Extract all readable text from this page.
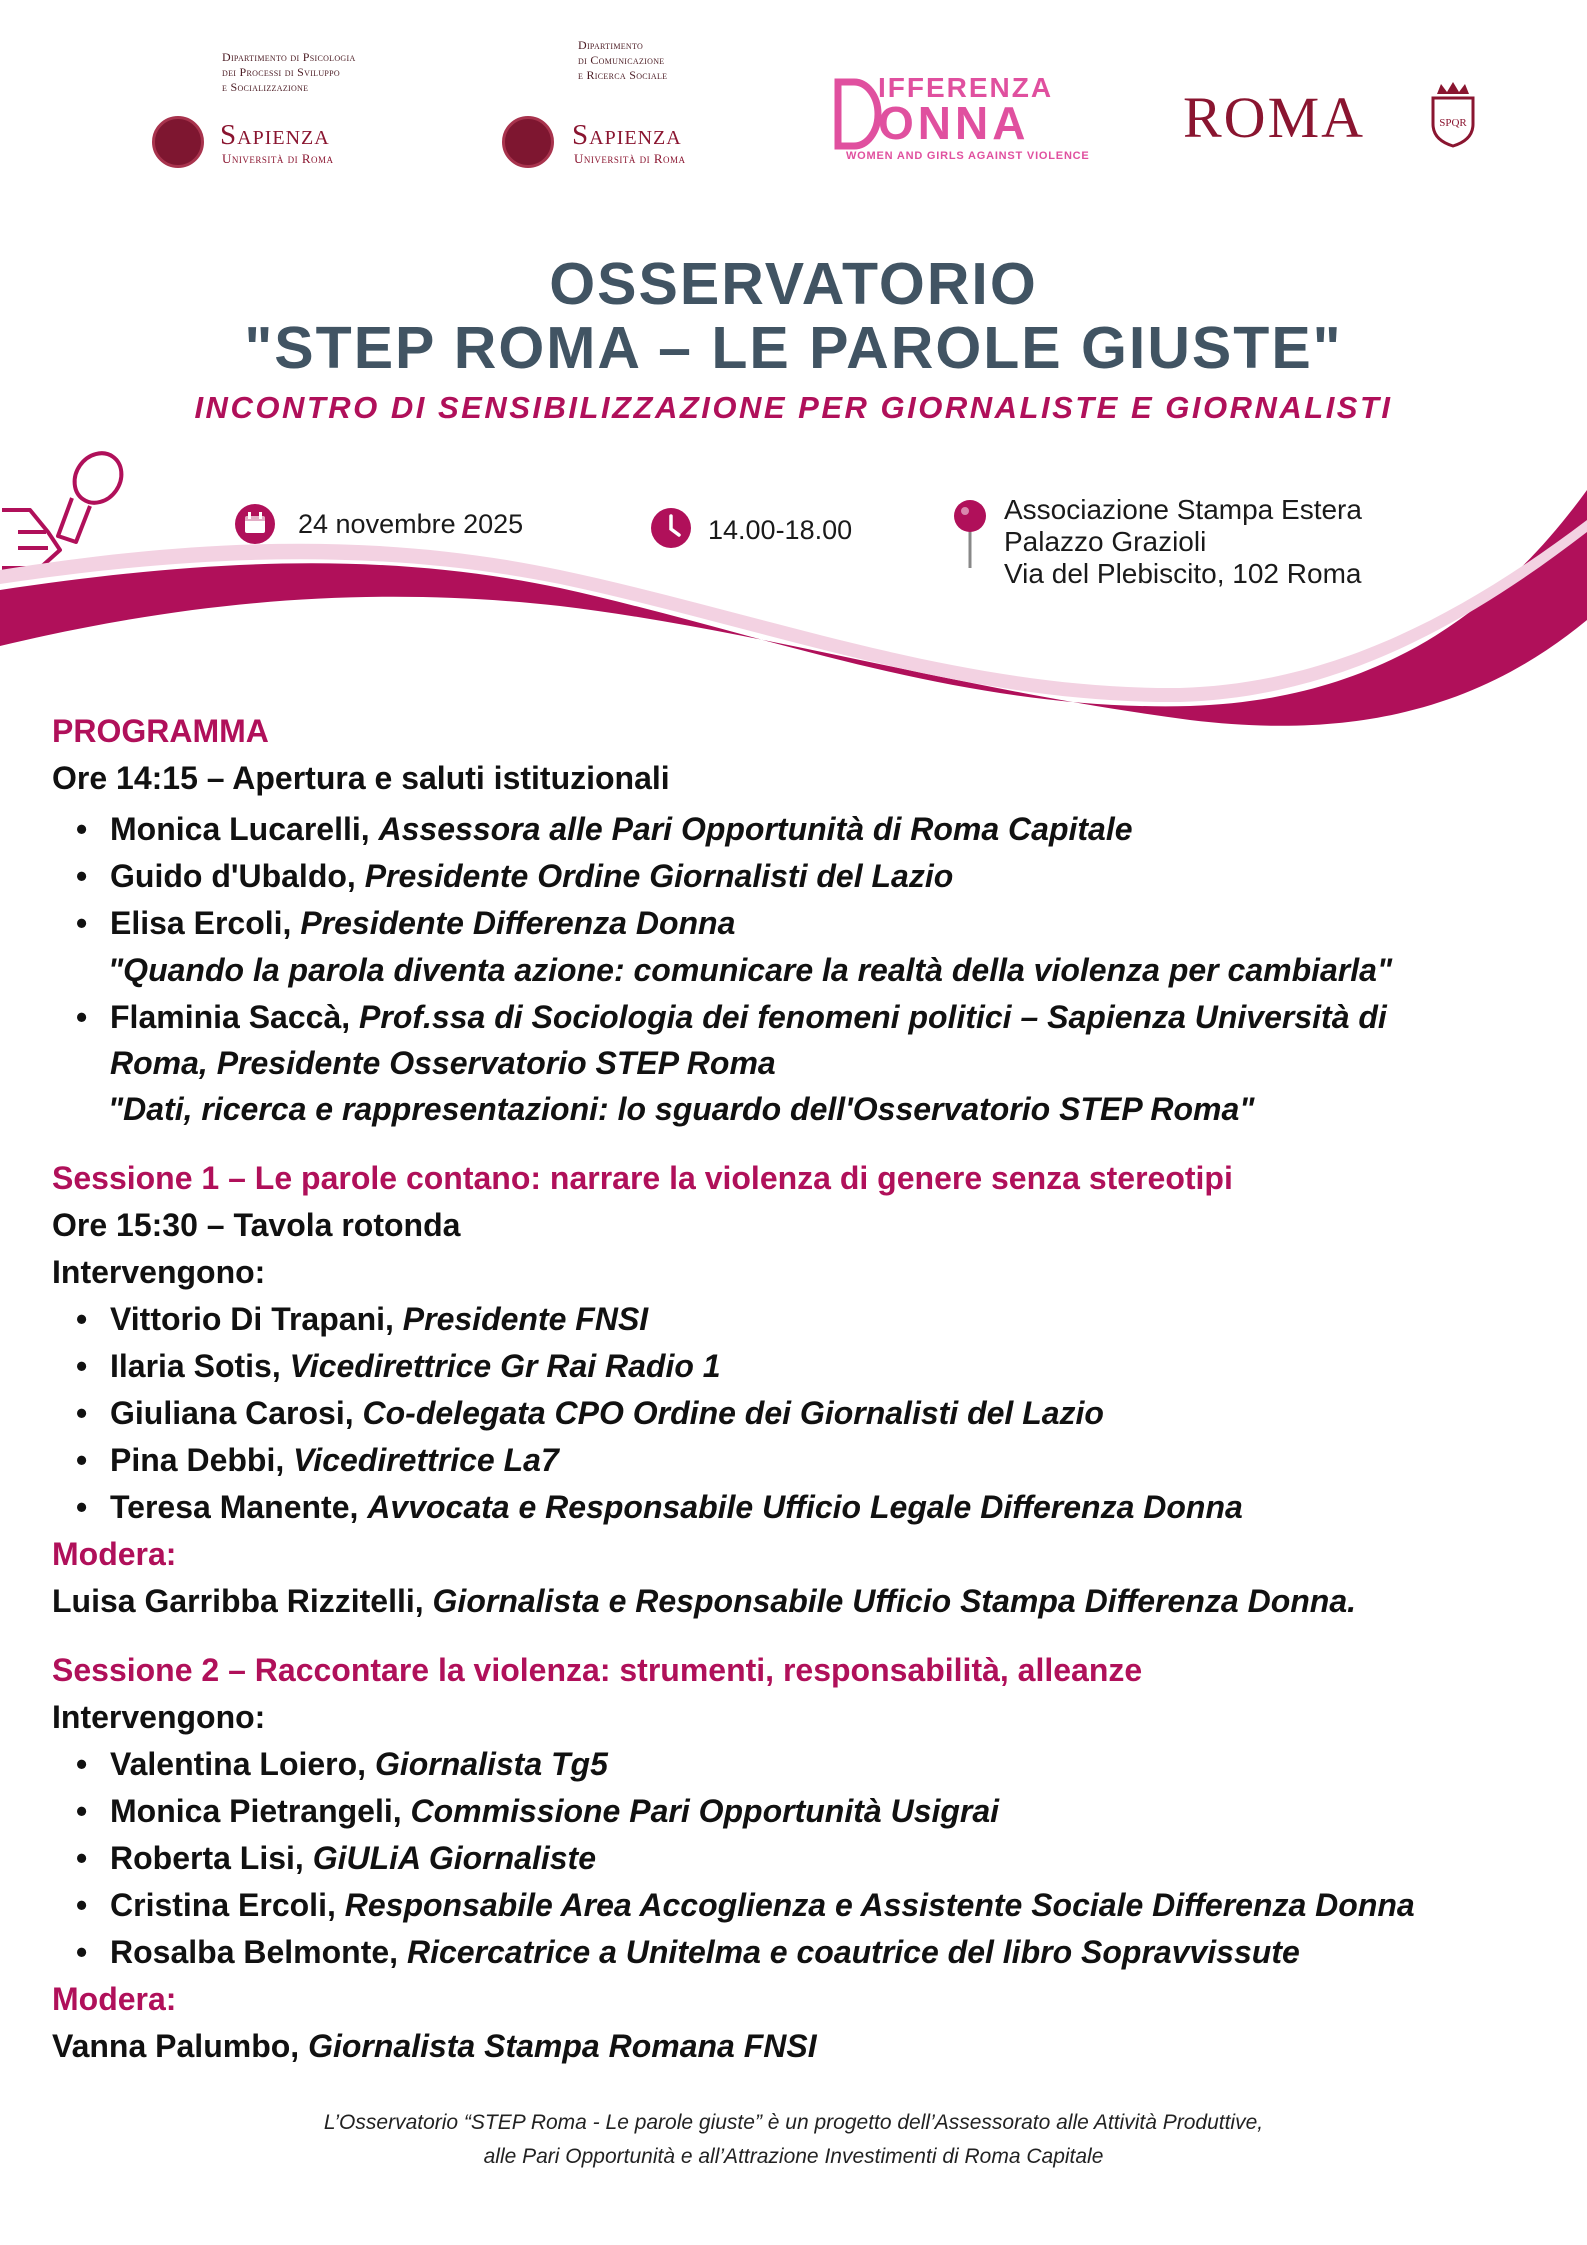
Dipartimento di Psicologia
dei Processi di Sviluppo
e Socializzazione
Sapienza
Università di Roma
Dipartimento
di Comunicazione
e Ricerca Sociale
Sapienza
Università di Roma
IFFERENZA
ONNA
WOMEN AND GIRLS AGAINST VIOLENCE
ROMA	SPQR
OSSERVATORIO
"STEP ROMA – LE PAROLE GIUSTE"
INCONTRO DI SENSIBILIZZAZIONE PER GIORNALISTE E GIORNALISTI
24 novembre 2025	14.00-18.00
Associazione Stampa Estera
Palazzo Grazioli
Via del Plebiscito, 102 Roma
PROGRAMMA
Ore 14:15 – Apertura e saluti istituzionali
• Monica Lucarelli, Assessora alle Pari Opportunità di Roma Capitale
• Guido d'Ubaldo, Presidente Ordine Giornalisti del Lazio
• Elisa Ercoli, Presidente Differenza Donna
"Quando la parola diventa azione: comunicare la realtà della violenza per cambiarla"
• Flaminia Saccà, Prof.ssa di Sociologia dei fenomeni politici – Sapienza Università di
Roma, Presidente Osservatorio STEP Roma
"Dati, ricerca e rappresentazioni: lo sguardo dell'Osservatorio STEP Roma"
Sessione 1 – Le parole contano: narrare la violenza di genere senza stereotipi
Ore 15:30 – Tavola rotonda
Intervengono:
• Vittorio Di Trapani, Presidente FNSI
• Ilaria Sotis, Vicedirettrice Gr Rai Radio 1
• Giuliana Carosi, Co-delegata CPO Ordine dei Giornalisti del Lazio
• Pina Debbi, Vicedirettrice La7
• Teresa Manente, Avvocata e Responsabile Ufficio Legale Differenza Donna
Modera:
Luisa Garribba Rizzitelli, Giornalista e Responsabile Ufficio Stampa Differenza Donna.
Sessione 2 – Raccontare la violenza: strumenti, responsabilità, alleanze
Intervengono:
• Valentina Loiero, Giornalista Tg5
• Monica Pietrangeli, Commissione Pari Opportunità Usigrai
• Roberta Lisi, GiULiA Giornaliste
• Cristina Ercoli, Responsabile Area Accoglienza e Assistente Sociale Differenza Donna
• Rosalba Belmonte, Ricercatrice a Unitelma e coautrice del libro Sopravvissute
Modera:
Vanna Palumbo, Giornalista Stampa Romana FNSI
L’Osservatorio “STEP Roma - Le parole giuste” è un progetto dell’Assessorato alle Attività Produttive,
alle Pari Opportunità e all’Attrazione Investimenti di Roma Capitale
